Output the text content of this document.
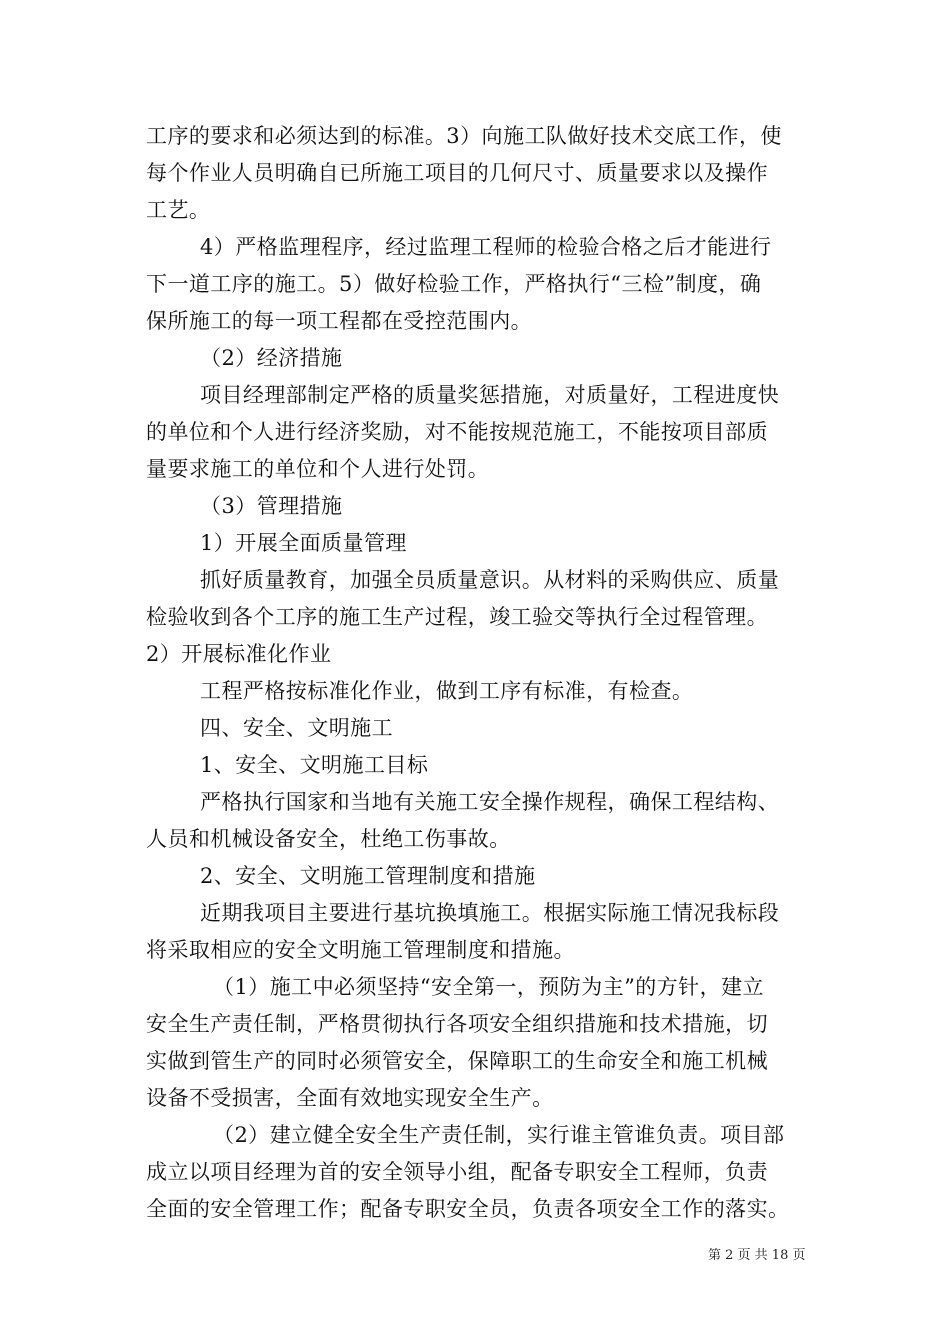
工序的要求和必须达到的标准。3）向施工队做好技术交底工作，使
每个作业人员明确自已所施工项目的几何尺寸、质量要求以及操作
工艺。
4）严格监理程序，经过监理工程师的检验合格之后才能进行
下一道工序的施工。5）做好检验工作，严格执行“三检”制度，确
保所施工的每一项工程都在受控范围内。
（2）经济措施
项目经理部制定严格的质量奖惩措施，对质量好，工程进度快
的单位和个人进行经济奖励，对不能按规范施工，不能按项目部质
量要求施工的单位和个人进行处罚。
（3）管理措施
1）开展全面质量管理
抓好质量教育，加强全员质量意识。从材料的采购供应、质量
检验收到各个工序的施工生产过程，竣工验交等执行全过程管理。
2）开展标准化作业
工程严格按标准化作业，做到工序有标准，有检查。
四、安全、文明施工
1、安全、文明施工目标
严格执行国家和当地有关施工安全操作规程，确保工程结构、
人员和机械设备安全，杜绝工伤事故。
2、安全、文明施工管理制度和措施
近期我项目主要进行基坑换填施工。根据实际施工情况我标段
将采取相应的安全文明施工管理制度和措施。
（1）施工中必须坚持“安全第一，预防为主”的方针，建立
安全生产责任制，严格贯彻执行各项安全组织措施和技术措施，切
实做到管生产的同时必须管安全，保障职工的生命安全和施工机械
设备不受损害，全面有效地实现安全生产。
（2）建立健全安全生产责任制，实行谁主管谁负责。项目部
成立以项目经理为首的安全领导小组，配备专职安全工程师，负责
全面的安全管理工作；配备专职安全员，负责各项安全工作的落实。
第 2 页 共 18 页
